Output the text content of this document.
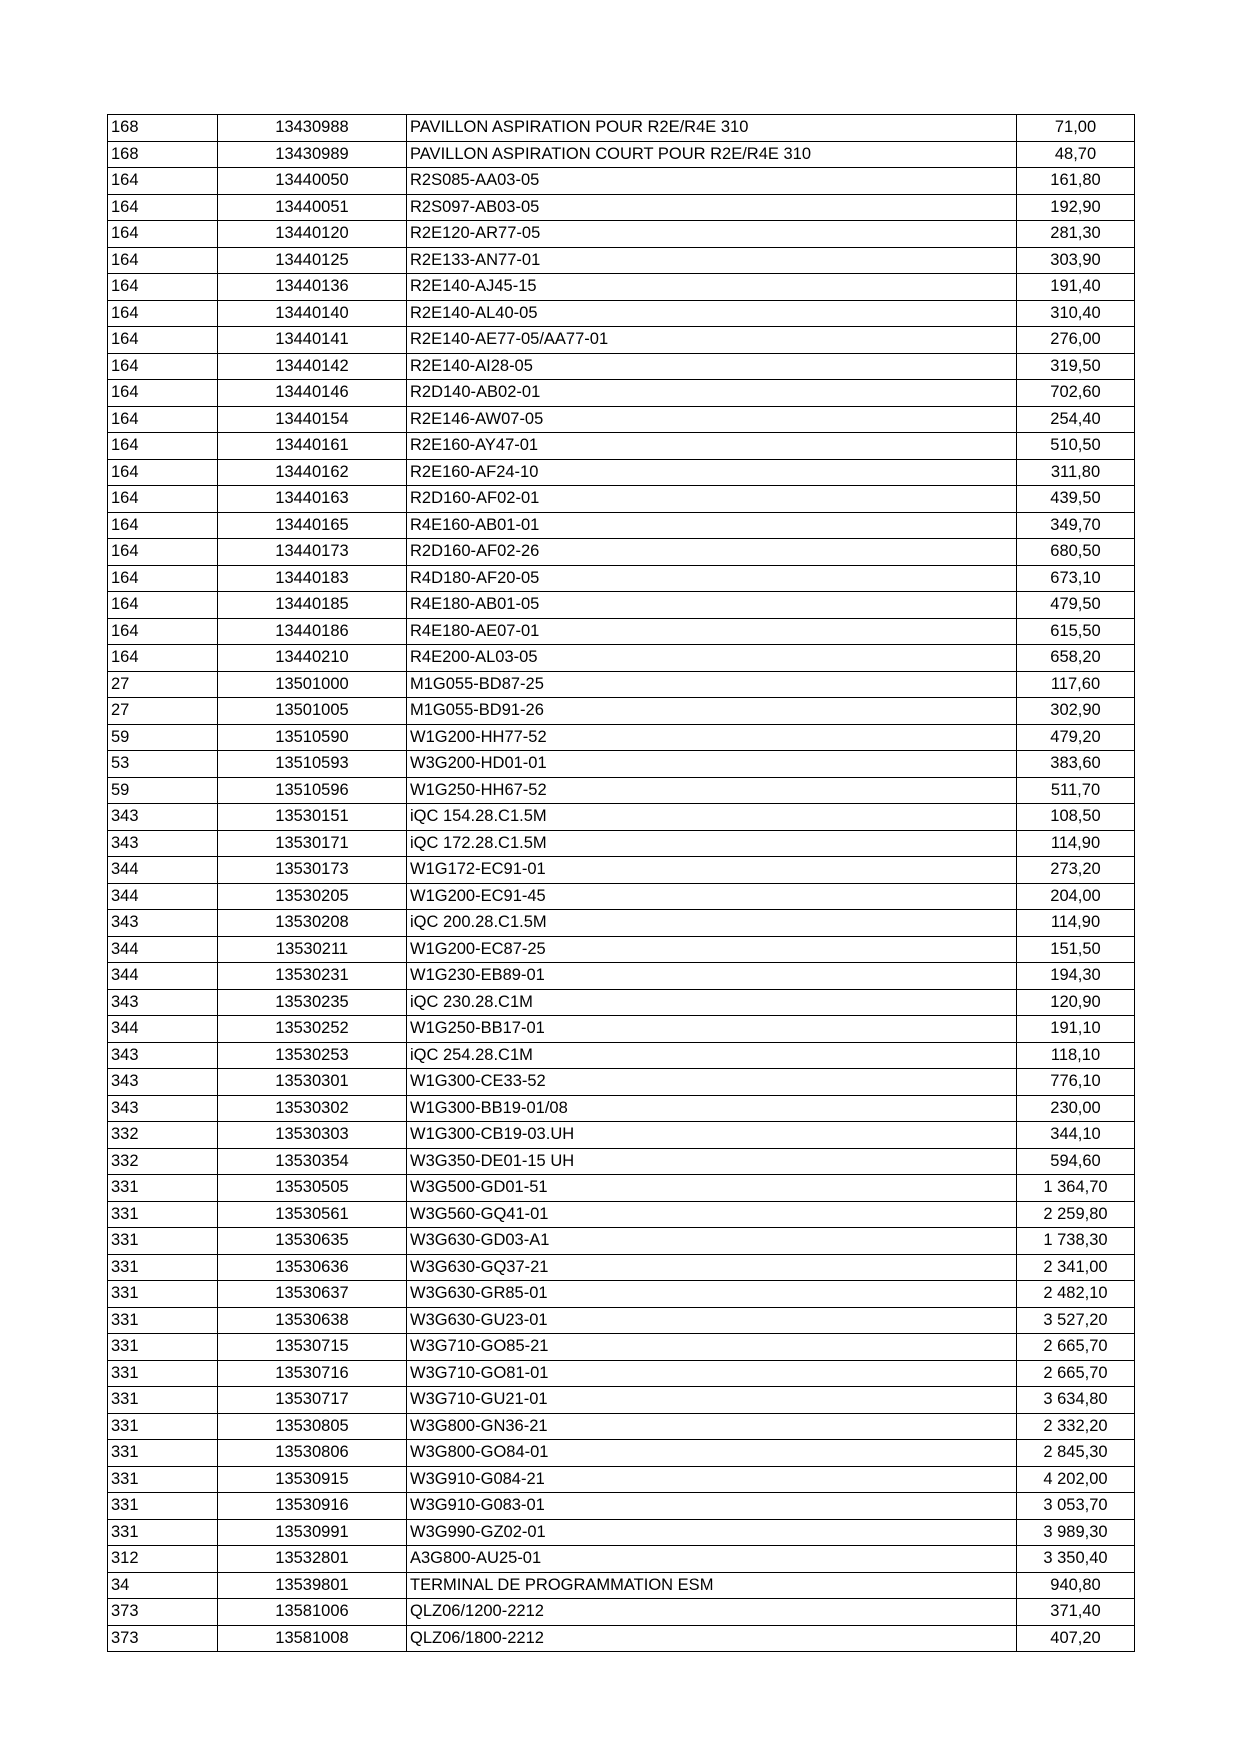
168	13430988	PAVILLON ASPIRATION POUR R2E/R4E 310	71,00
168	13430989	PAVILLON ASPIRATION COURT POUR R2E/R4E 310	48,70
164	13440050	R2S085-AA03-05	161,80
164	13440051	R2S097-AB03-05	192,90
164	13440120	R2E120-AR77-05	281,30
164	13440125	R2E133-AN77-01	303,90
164	13440136	R2E140-AJ45-15	191,40
164	13440140	R2E140-AL40-05	310,40
164	13440141	R2E140-AE77-05/AA77-01	276,00
164	13440142	R2E140-AI28-05	319,50
164	13440146	R2D140-AB02-01	702,60
164	13440154	R2E146-AW07-05	254,40
164	13440161	R2E160-AY47-01	510,50
164	13440162	R2E160-AF24-10	311,80
164	13440163	R2D160-AF02-01	439,50
164	13440165	R4E160-AB01-01	349,70
164	13440173	R2D160-AF02-26	680,50
164	13440183	R4D180-AF20-05	673,10
164	13440185	R4E180-AB01-05	479,50
164	13440186	R4E180-AE07-01	615,50
164	13440210	R4E200-AL03-05	658,20
27	13501000	M1G055-BD87-25	117,60
27	13501005	M1G055-BD91-26	302,90
59	13510590	W1G200-HH77-52	479,20
53	13510593	W3G200-HD01-01	383,60
59	13510596	W1G250-HH67-52	511,70
343	13530151	iQC 154.28.C1.5M	108,50
343	13530171	iQC 172.28.C1.5M	114,90
344	13530173	W1G172-EC91-01	273,20
344	13530205	W1G200-EC91-45	204,00
343	13530208	iQC 200.28.C1.5M	114,90
344	13530211	W1G200-EC87-25	151,50
344	13530231	W1G230-EB89-01	194,30
343	13530235	iQC 230.28.C1M	120,90
344	13530252	W1G250-BB17-01	191,10
343	13530253	iQC 254.28.C1M	118,10
343	13530301	W1G300-CE33-52	776,10
343	13530302	W1G300-BB19-01/08	230,00
332	13530303	W1G300-CB19-03.UH	344,10
332	13530354	W3G350-DE01-15 UH	594,60
331	13530505	W3G500-GD01-51	1 364,70
331	13530561	W3G560-GQ41-01	2 259,80
331	13530635	W3G630-GD03-A1	1 738,30
331	13530636	W3G630-GQ37-21	2 341,00
331	13530637	W3G630-GR85-01	2 482,10
331	13530638	W3G630-GU23-01	3 527,20
331	13530715	W3G710-GO85-21	2 665,70
331	13530716	W3G710-GO81-01	2 665,70
331	13530717	W3G710-GU21-01	3 634,80
331	13530805	W3G800-GN36-21	2 332,20
331	13530806	W3G800-GO84-01	2 845,30
331	13530915	W3G910-G084-21	4 202,00
331	13530916	W3G910-G083-01	3 053,70
331	13530991	W3G990-GZ02-01	3 989,30
312	13532801	A3G800-AU25-01	3 350,40
34	13539801	TERMINAL DE PROGRAMMATION ESM	940,80
373	13581006	QLZ06/1200-2212	371,40
373	13581008	QLZ06/1800-2212	407,20
